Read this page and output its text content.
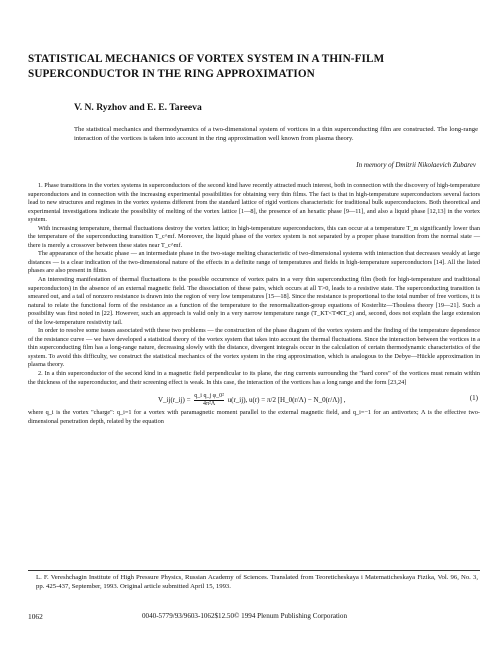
STATISTICAL MECHANICS OF VORTEX SYSTEM IN A THIN-FILM SUPERCONDUCTOR IN THE RING APPROXIMATION
V. N. Ryzhov and E. E. Tareeva
The statistical mechanics and thermodynamics of a two-dimensional system of vortices in a thin superconducting film are constructed. The long-range interaction of the vortices is taken into account in the ring approximation well known from plasma theory.
In memory of Dmitrii Nikolaevich Zubarev

1. Phase transitions in the vortex systems in superconductors of the second kind have recently attracted much interest, both in connection with the discovery of high-temperature superconductors and in connection with the increasing experimental possibilities for obtaining very thin films. The fact is that in high-temperature superconductors several factors lead to new structures and regimes in the vortex systems different from the standard lattice of rigid vortices characteristic for traditional bulk superconductors. Both theoretical and experimental investigations indicate the possibility of melting of the vortex lattice [1—8], the presence of an hexatic phase [9—11], and also a liquid phase [12,13] in the vortex system.

With increasing temperature, thermal fluctuations destroy the vortex lattice; in high-temperature superconductors, this can occur at a temperature T_m significantly lower than the temperature of the superconducting transition T_c^mf. Moreover, the liquid phase of the vortex system is not separated by a proper phase transition from the normal state — there is merely a crossover between these states near T_c^mf.

The appearance of the hexatic phase — an intermediate phase in the two-stage melting characteristic of two-dimensional systems with interaction that decreases weakly at large distances — is a clear indication of the two-dimensional nature of the effects in a definite range of temperatures and fields in high-temperature superconductors [14]. All the listed phases are also present in films.

An interesting manifestation of thermal fluctuations is the possible occurrence of vortex pairs in a very thin superconducting film (both for high-temperature and traditional superconductors) in the absence of an external magnetic field. The dissociation of these pairs, which occurs at all T>0, leads to a resistive state. The superconducting transition is smeared out, and a tail of nonzero resistance is drawn into the region of very low temperatures [15—18]. Since the resistance is proportional to the total number of free vortices, it is natural to relate the functional form of the resistance as a function of the temperature to the renormalization-group equations of Kosterlitz—Thouless theory [19—21]. Such a possibility was first noted in [22]. However, such an approach is valid only in a very narrow temperature range (T_KT<T≪T_c) and, second, does not explain the large extension of the low-temperature resistivity tail.

In order to resolve some issues associated with these two problems — the construction of the phase diagram of the vortex system and the finding of the temperature dependence of the resistance curve — we have developed a statistical theory of the vortex system that takes into account the thermal fluctuations. Since the interaction between the vortices in a thin superconducting film has a long-range nature, decreasing slowly with the distance, divergent integrals occur in the calculation of certain thermodynamic characteristics of the system. To avoid this difficulty, we construct the statistical mechanics of the vortex system in the ring approximation, which is analogous to the Debye—Hückle approximation in plasma theory.

2. In a thin superconductor of the second kind in a magnetic field perpendicular to its plane, the ring currents surrounding the "hard cores" of the vortices must remain within the thickness of the superconductor, and their screening effect is weak. In this case, the interaction of the vortices has a long range and the form [23,24]

V_ij(r_ij) = $\frac{\text{q\_i q\_j φ\_0²}}{\text{4π²Λ}}$ u(r_ij), u(r) = π/2 [H_0(r/Λ) − N_0(r/Λ)] ,	(1)

where q_i is the vortex "charge": q_i=1 for a vortex with paramagnetic moment parallel to the external magnetic field, and q_i=−1 for an antivortex; Λ is the effective two-dimensional penetration depth, related by the equation

L. F. Vereshchagin Institute of High Pressure Physics, Russian Academy of Sciences. Translated from Teoreticheskaya i Matematicheskaya Fizika, Vol. 96, No. 3, pp. 425-437, September, 1993. Original article submitted April 15, 1993.
1062	0040-5779/93/9603-1062$12.50© 1994 Plenum Publishing Corporation
